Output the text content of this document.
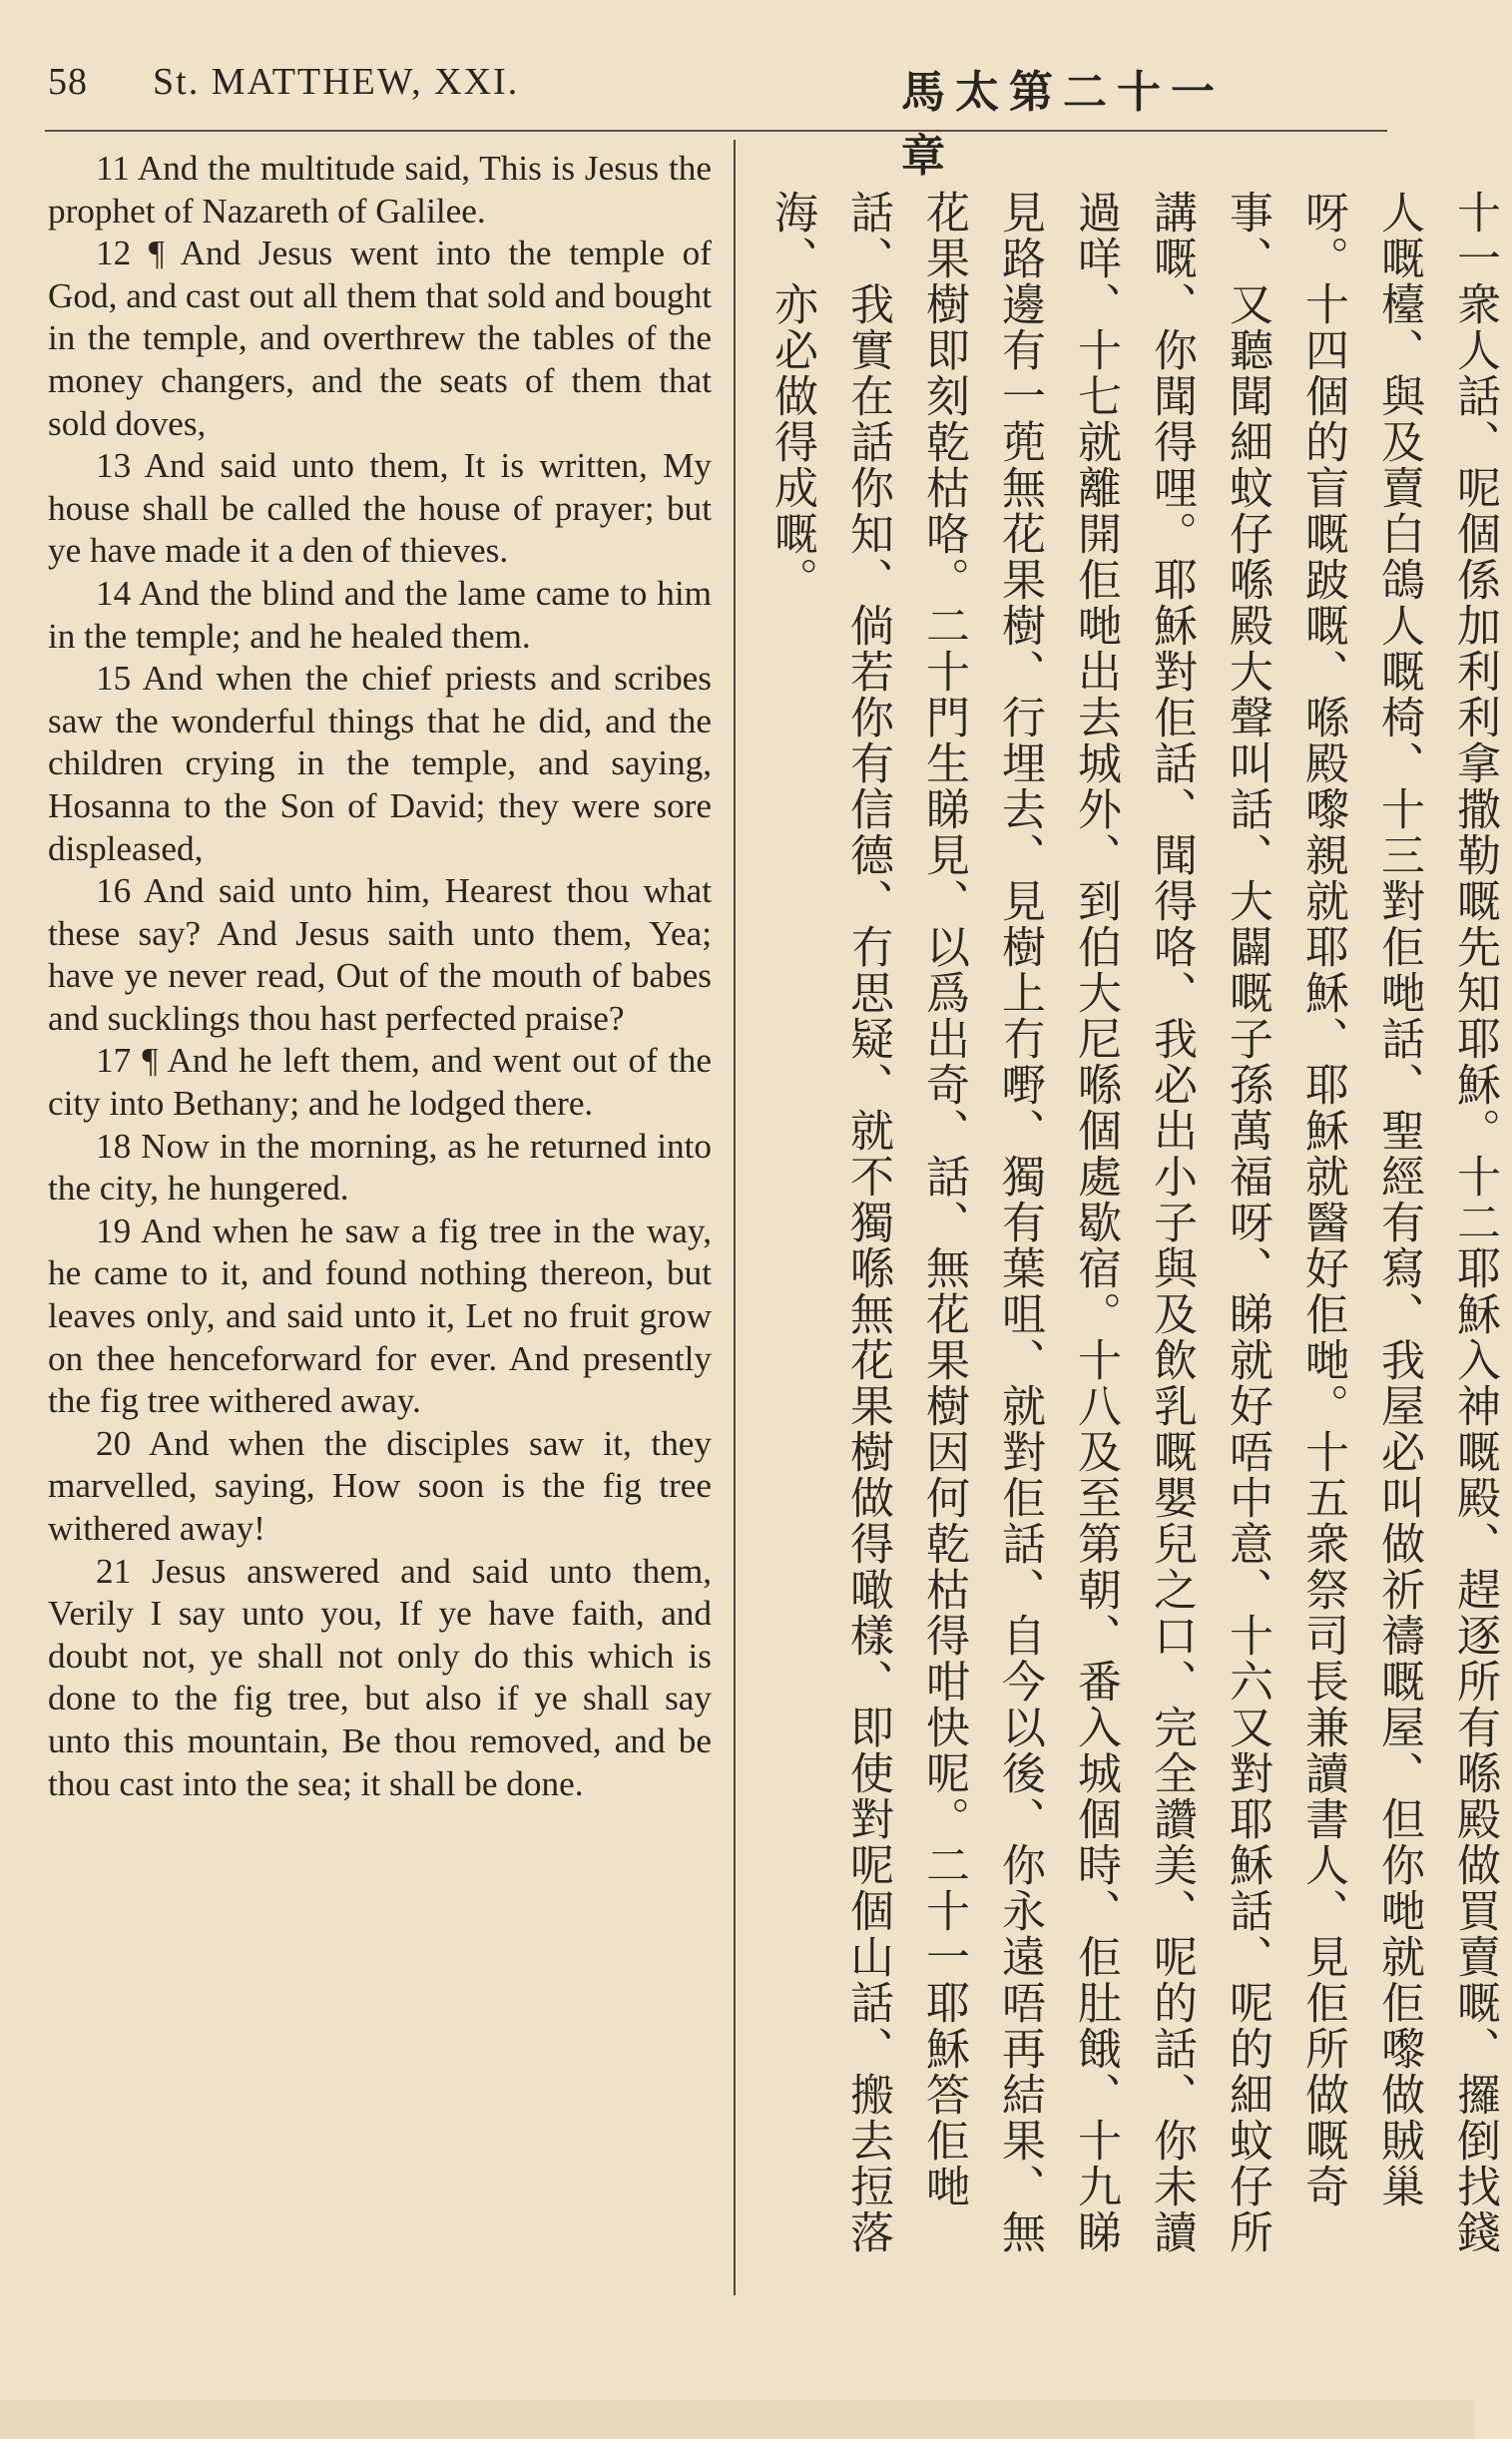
58 St. MATTHEW, XXI.	馬太第二十一章

11 And the multitude said, This is Jesus the prophet of Nazareth of Galilee.

12 ¶ And Jesus went into the temple of God, and cast out all them that sold and bought in the temple, and overthrew the tables of the money changers, and the seats of them that sold doves,

13 And said unto them, It is written, My house shall be called the house of prayer; but ye have made it a den of thieves.

14 And the blind and the lame came to him in the temple; and he healed them.

15 And when the chief priests and scribes saw the wonderful things that he did, and the children crying in the temple, and saying, Hosanna to the Son of David; they were sore displeased,

16 And said unto him, Hearest thou what these say? And Jesus saith unto them, Yea; have ye never read, Out of the mouth of babes and sucklings thou hast perfected praise?

17 ¶ And he left them, and went out of the city into Bethany; and he lodged there.

18 Now in the morning, as he returned into the city, he hungered.

19 And when he saw a fig tree in the way, he came to it, and found nothing thereon, but leaves only, and said unto it, Let no fruit grow on thee henceforward for ever. And presently the fig tree withered away.

20 And when the disciples saw it, they marvelled, saying, How soon is the fig tree withered away!

21 Jesus answered and said unto them, Verily I say unto you, If ye have faith, and doubt not, ye shall not only do this which is done to the fig tree, but also if ye shall say unto this mountain, Be thou removed, and be thou cast into the sea; it shall be done.

十一衆人話、呢個係加利利拿撒勒嘅先知耶穌。十二耶穌入神嘅殿、趕逐所有喺殿做買賣嘅、攞倒找錢人嘅檯、與及賣白鴿人嘅椅、十三對佢哋話、聖經有寫、我屋必叫做祈禱嘅屋、但你哋就佢嚟做賊巢呀。十四個的盲嘅跛嘅、喺殿嚟親就耶穌、耶穌就醫好佢哋。十五衆祭司長兼讀書人、見佢所做嘅奇事、又聽聞細蚊仔喺殿大聲叫話、大闢嘅子孫萬福呀、睇就好唔中意、十六又對耶穌話、呢的細蚊仔所講嘅、你聞得哩。耶穌對佢話、聞得咯、我必出小子與及飲乳嘅嬰兒之口、完全讚美、呢的話、你未讀過咩、十七就離開佢哋出去城外、到伯大尼喺個處歇宿。十八及至第朝、番入城個時、佢肚餓、十九睇見路邊有一蔸無花果樹、行埋去、見樹上冇嘢、獨有葉咀、就對佢話、自今以後、你永遠唔再結果、無花果樹即刻乾枯咯。二十門生睇見、以爲出奇、話、無花果樹因何乾枯得咁快呢。二十一耶穌答佢哋話、我實在話你知、倘若你有信德、冇思疑、就不獨喺無花果樹做得噉樣、即使對呢個山話、搬去𢭃落海、亦必做得成嘅。
